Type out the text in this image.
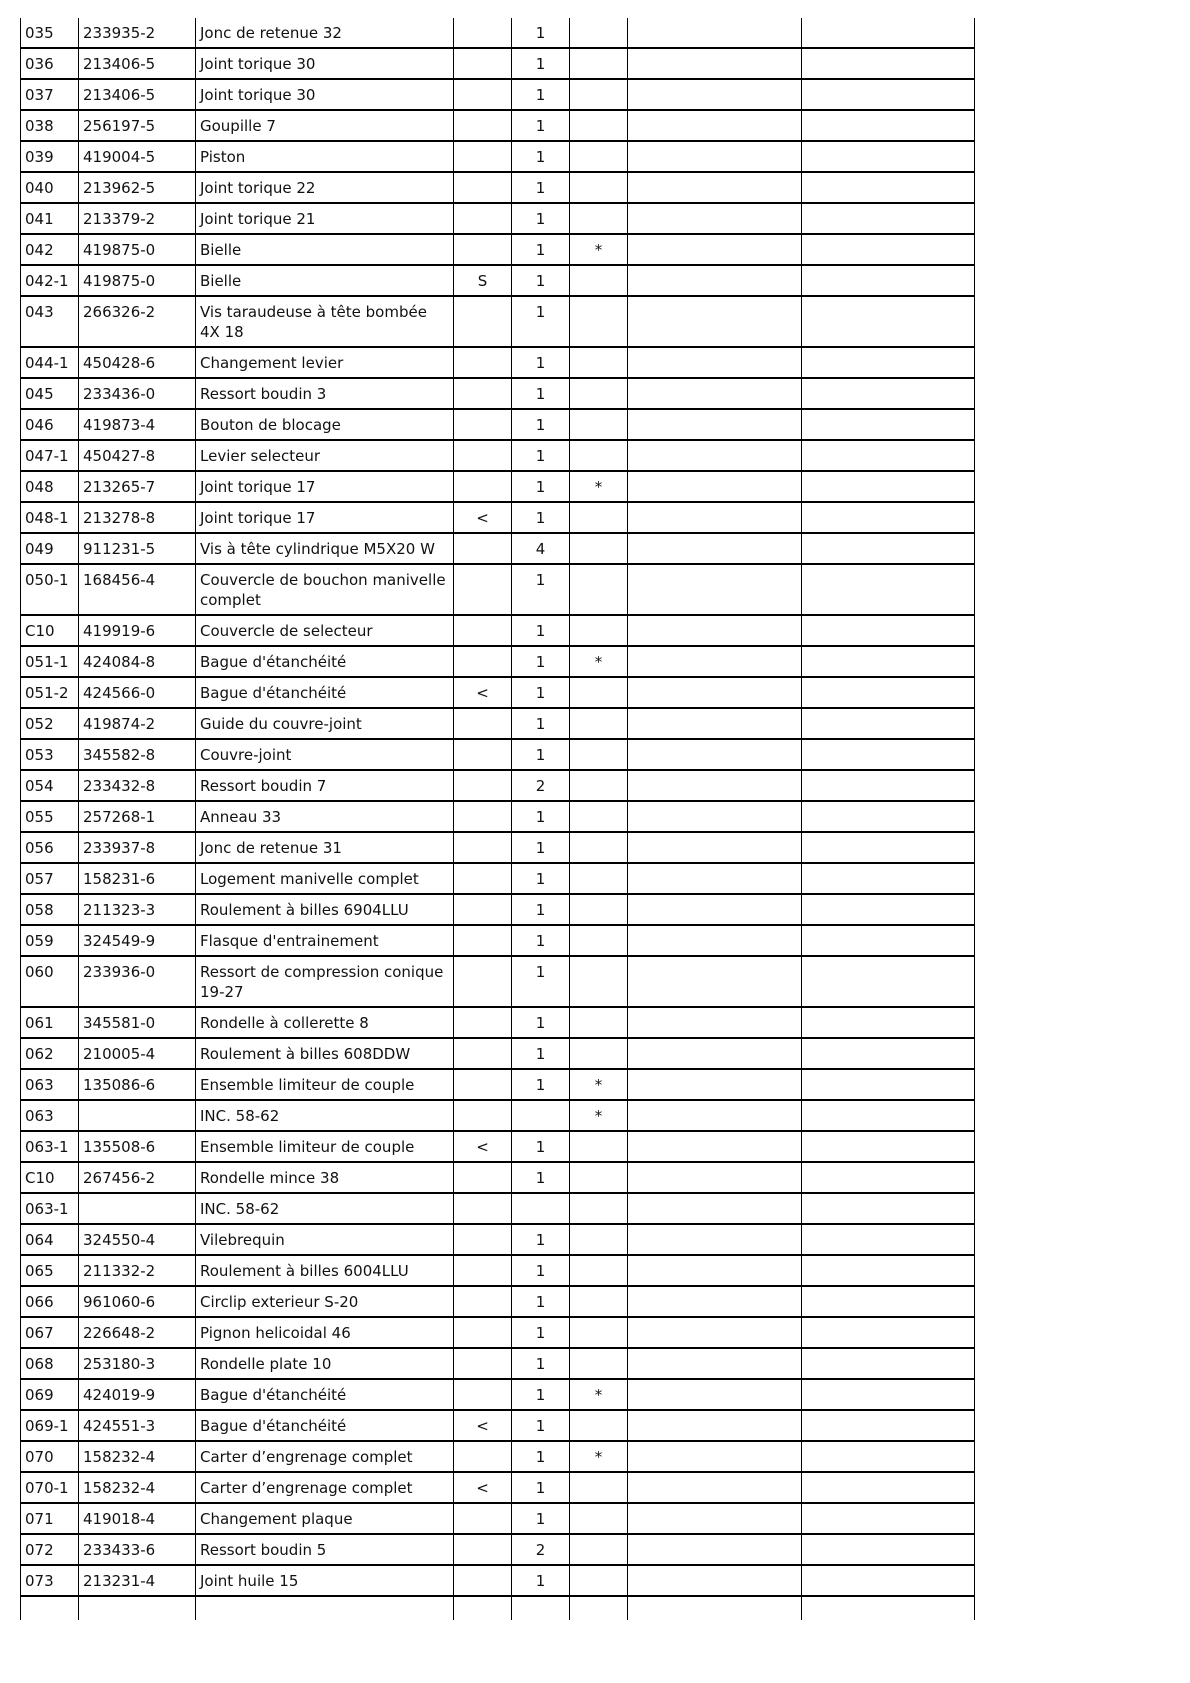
035	233935-2	Jonc de retenue 32		1			
036	213406-5	Joint torique 30		1			
037	213406-5	Joint torique 30		1			
038	256197-5	Goupille 7		1			
039	419004-5	Piston		1			
040	213962-5	Joint torique 22		1			
041	213379-2	Joint torique 21		1			
042	419875-0	Bielle		1	*		
042-1	419875-0	Bielle	S	1			
043	266326-2	Vis taraudeuse à tête bombée 4X 18		1			
044-1	450428-6	Changement levier		1			
045	233436-0	Ressort boudin 3		1			
046	419873-4	Bouton de blocage		1			
047-1	450427-8	Levier selecteur		1			
048	213265-7	Joint torique 17		1	*		
048-1	213278-8	Joint torique 17	<	1			
049	911231-5	Vis à tête cylindrique M5X20 W		4			
050-1	168456-4	Couvercle de bouchon manivelle complet		1			
C10	419919-6	Couvercle de selecteur		1			
051-1	424084-8	Bague d'étanchéité		1	*		
051-2	424566-0	Bague d'étanchéité	<	1			
052	419874-2	Guide du couvre-joint		1			
053	345582-8	Couvre-joint		1			
054	233432-8	Ressort boudin 7		2			
055	257268-1	Anneau 33		1			
056	233937-8	Jonc de retenue 31		1			
057	158231-6	Logement manivelle complet		1			
058	211323-3	Roulement à billes 6904LLU		1			
059	324549-9	Flasque d'entrainement		1			
060	233936-0	Ressort de compression conique 19-27		1			
061	345581-0	Rondelle à collerette 8		1			
062	210005-4	Roulement à billes 608DDW		1			
063	135086-6	Ensemble limiteur de couple		1	*		
063		INC. 58-62			*		
063-1	135508-6	Ensemble limiteur de couple	<	1			
C10	267456-2	Rondelle mince 38		1			
063-1		INC. 58-62					
064	324550-4	Vilebrequin		1			
065	211332-2	Roulement à billes 6004LLU		1			
066	961060-6	Circlip exterieur S-20		1			
067	226648-2	Pignon helicoidal 46		1			
068	253180-3	Rondelle plate 10		1			
069	424019-9	Bague d'étanchéité		1	*		
069-1	424551-3	Bague d'étanchéité	<	1			
070	158232-4	Carter d’engrenage complet		1	*		
070-1	158232-4	Carter d’engrenage complet	<	1			
071	419018-4	Changement plaque		1			
072	233433-6	Ressort boudin 5		2			
073	213231-4	Joint huile 15		1			
